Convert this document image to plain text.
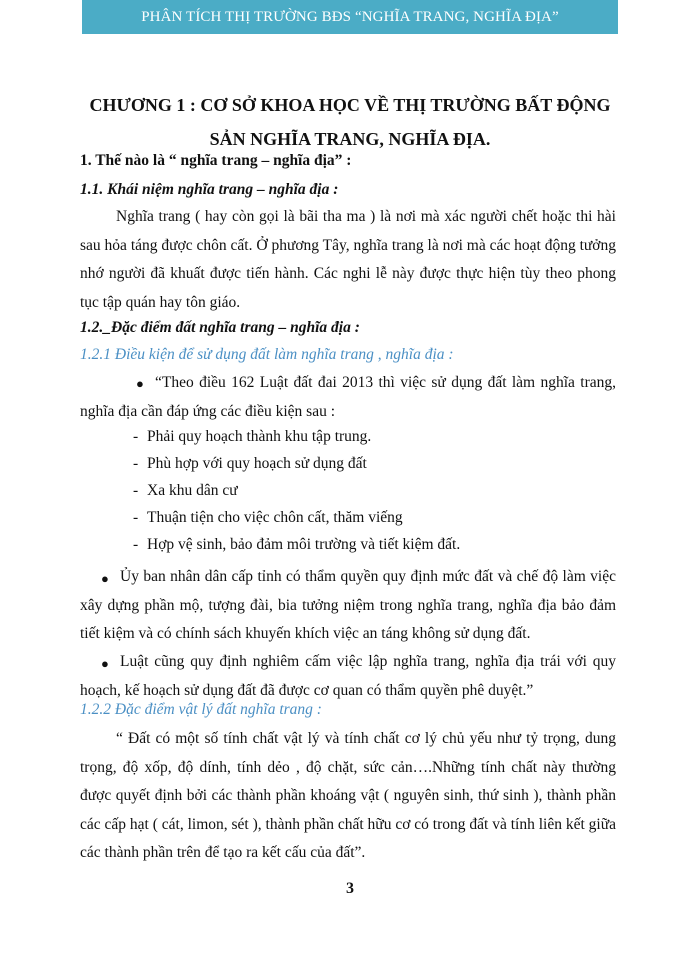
PHÂN TÍCH THỊ TRƯỜNG BĐS “NGHĨA TRANG, NGHĨA ĐỊA”
CHƯƠNG 1 : CƠ SỞ KHOA HỌC VỀ THỊ TRƯỜNG BẤT ĐỘNG
SẢN NGHĨA TRANG, NGHĨA ĐỊA.
1. Thế nào là “ nghĩa trang – nghĩa địa” :
1.1. Khái niệm nghĩa trang – nghĩa địa :
Nghĩa trang ( hay còn gọi là bãi tha ma ) là nơi mà xác người chết hoặc thi hài sau hỏa táng được chôn cất. Ở phương Tây, nghĩa trang là nơi mà các hoạt động tưởng nhớ người đã khuất được tiến hành. Các nghi lễ này được thực hiện tùy theo phong tục tập quán hay tôn giáo.
1.2._Đặc điểm đất nghĩa trang – nghĩa địa :
1.2.1 Điều kiện để sử dụng đất làm nghĩa trang , nghĩa địa :
● “Theo điều 162 Luật đất đai 2013 thì việc sử dụng đất làm nghĩa trang, nghĩa địa cần đáp ứng các điều kiện sau :
- Phải quy hoạch thành khu tập trung.
- Phù hợp với quy hoạch sử dụng đất
- Xa khu dân cư
- Thuận tiện cho việc chôn cất, thăm viếng
- Hợp vệ sinh, bảo đảm môi trường và tiết kiệm đất.
● Ủy ban nhân dân cấp tỉnh có thẩm quyền quy định mức đất và chế độ làm việc xây dựng phần mộ, tượng đài, bia tưởng niệm trong nghĩa trang, nghĩa địa bảo đảm tiết kiệm và có chính sách khuyến khích việc an táng không sử dụng đất.
● Luật cũng quy định nghiêm cấm việc lập nghĩa trang, nghĩa địa trái với quy hoạch, kế hoạch sử dụng đất đã được cơ quan có thẩm quyền phê duyệt.”
1.2.2 Đặc điểm vật lý đất nghĩa trang :
“ Đất có một số tính chất vật lý và tính chất cơ lý chủ yếu như tỷ trọng, dung trọng, độ xốp, độ dính, tính dẻo , độ chặt, sức cản….Những tính chất này thường được quyết định bởi các thành phần khoáng vật ( nguyên sinh, thứ sinh ), thành phần các cấp hạt ( cát, limon, sét ), thành phần chất hữu cơ có trong đất và tính liên kết giữa các thành phần trên để tạo ra kết cấu của đất”.
3
